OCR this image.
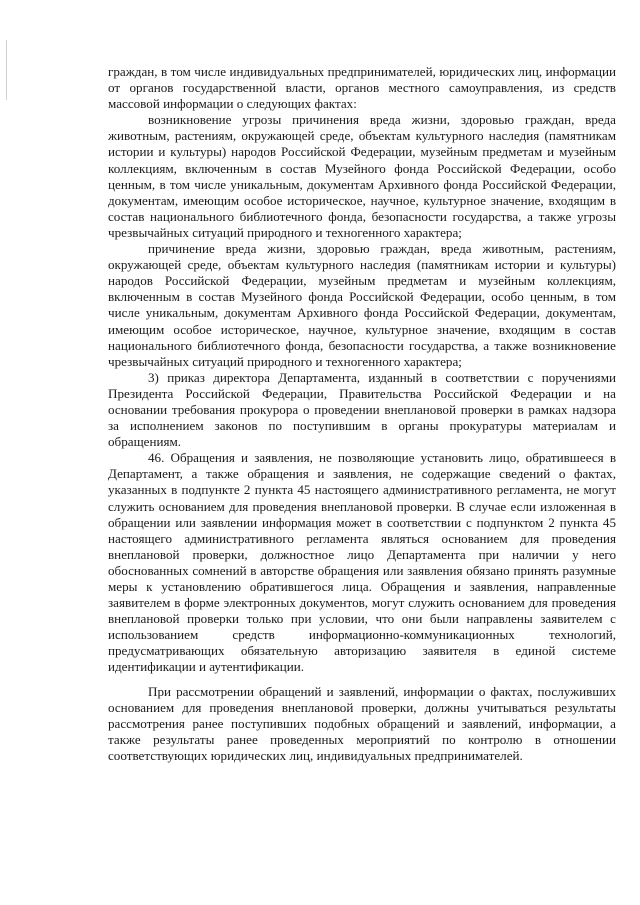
граждан, в том числе индивидуальных предпринимателей, юридических лиц, информации от органов государственной власти, органов местного самоуправления, из средств массовой информации о следующих фактах:

возникновение угрозы причинения вреда жизни, здоровью граждан, вреда животным, растениям, окружающей среде, объектам культурного наследия (памятникам истории и культуры) народов Российской Федерации, музейным предметам и музейным коллекциям, включенным в состав Музейного фонда Российской Федерации, особо ценным, в том числе уникальным, документам Архивного фонда Российской Федерации, документам, имеющим особое историческое, научное, культурное значение, входящим в состав национального библиотечного фонда, безопасности государства, а также угрозы чрезвычайных ситуаций природного и техногенного характера;

причинение вреда жизни, здоровью граждан, вреда животным, растениям, окружающей среде, объектам культурного наследия (памятникам истории и культуры) народов Российской Федерации, музейным предметам и музейным коллекциям, включенным в состав Музейного фонда Российской Федерации, особо ценным, в том числе уникальным, документам Архивного фонда Российской Федерации, документам, имеющим особое историческое, научное, культурное значение, входящим в состав национального библиотечного фонда, безопасности государства, а также возникновение чрезвычайных ситуаций природного и техногенного характера;

3) приказ директора Департамента, изданный в соответствии с поручениями Президента Российской Федерации, Правительства Российской Федерации и на основании требования прокурора о проведении внеплановой проверки в рамках надзора за исполнением законов по поступившим в органы прокуратуры материалам и обращениям.

46. Обращения и заявления, не позволяющие установить лицо, обратившееся в Департамент, а также обращения и заявления, не содержащие сведений о фактах, указанных в подпункте 2 пункта 45 настоящего административного регламента, не могут служить основанием для проведения внеплановой проверки. В случае если изложенная в обращении или заявлении информация может в соответствии с подпунктом 2 пункта 45 настоящего административного регламента являться основанием для проведения внеплановой проверки, должностное лицо Департамента при наличии у него обоснованных сомнений в авторстве обращения или заявления обязано принять разумные меры к установлению обратившегося лица. Обращения и заявления, направленные заявителем в форме электронных документов, могут служить основанием для проведения внеплановой проверки только при условии, что они были направлены заявителем с использованием средств информационно-коммуникационных технологий, предусматривающих обязательную авторизацию заявителя в единой системе идентификации и аутентификации.

При рассмотрении обращений и заявлений, информации о фактах, послуживших основанием для проведения внеплановой проверки, должны учитываться результаты рассмотрения ранее поступивших подобных обращений и заявлений, информации, а также результаты ранее проведенных мероприятий по контролю в отношении соответствующих юридических лиц, индивидуальных предпринимателей.
